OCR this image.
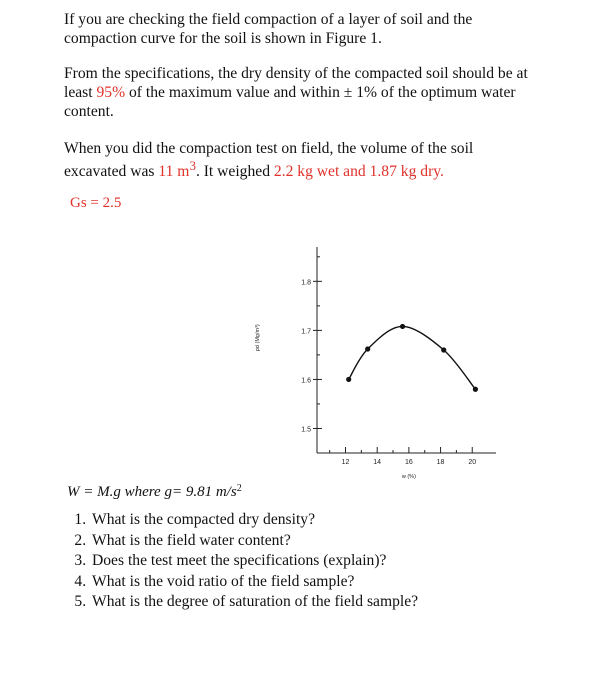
If you are checking the field compaction of a layer of soil and the
compaction curve for the soil is shown in Figure 1.
From the specifications, the dry density of the compacted soil should be at least 95% of the maximum value and within ± 1% of the optimum water content.
When you did the compaction test on field, the volume of the soil excavated was 11 $m^3$. It weighed 2.2 kg wet and 1.87 kg dry.
Gs = 2.5
1.5
1.6
1.7
1.8
12	14	16	18	20
w (%)
ρd (Mg/m³)
W = M.g where g= 9.81 $m/s^2$
1. What is the compacted dry density?
2. What is the field water content?
3. Does the test meet the specifications (explain)?
4. What is the void ratio of the field sample?
5. What is the degree of saturation of the field sample?
